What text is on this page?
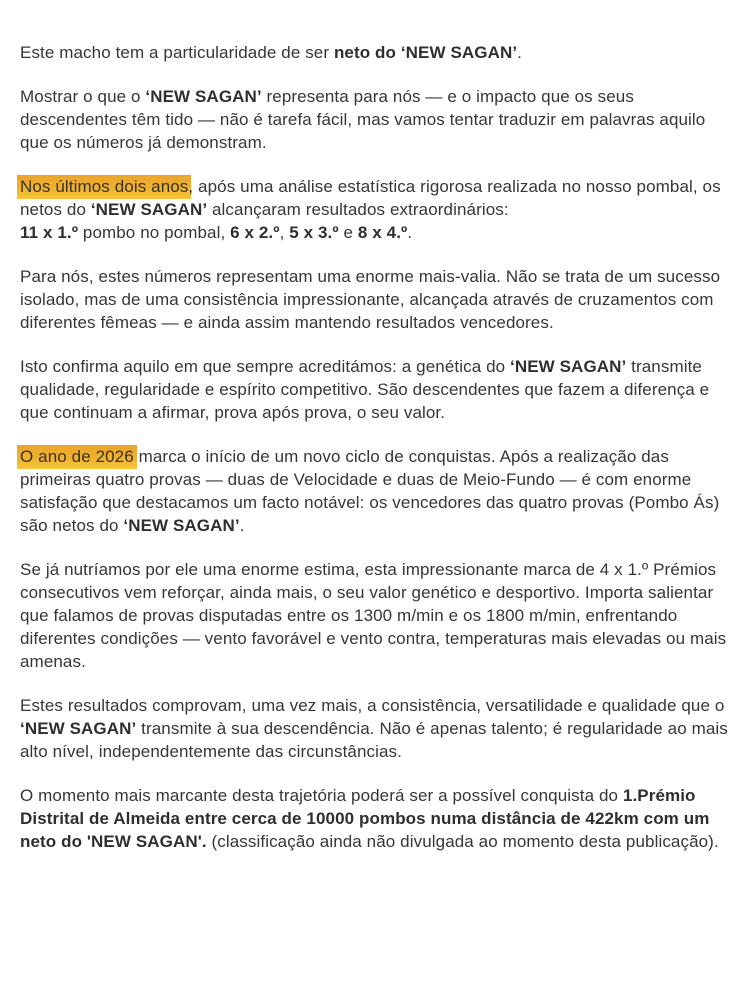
Este macho tem a particularidade de ser neto do ‘NEW SAGAN’.

Mostrar o que o ‘NEW SAGAN’ representa para nós — e o impacto que os seus descendentes têm tido — não é tarefa fácil, mas vamos tentar traduzir em palavras aquilo que os números já demonstram.

Nos últimos dois anos, após uma análise estatística rigorosa realizada no nosso pombal, os netos do ‘NEW SAGAN’ alcançaram resultados extraordinários:
11 x 1.º pombo no pombal, 6 x 2.º, 5 x 3.º e 8 x 4.º.

Para nós, estes números representam uma enorme mais-valia. Não se trata de um sucesso isolado, mas de uma consistência impressionante, alcançada através de cruzamentos com diferentes fêmeas — e ainda assim mantendo resultados vencedores.

Isto confirma aquilo em que sempre acreditámos: a genética do ‘NEW SAGAN’ transmite qualidade, regularidade e espírito competitivo. São descendentes que fazem a diferença e que continuam a afirmar, prova após prova, o seu valor.

O ano de 2026 marca o início de um novo ciclo de conquistas. Após a realização das primeiras quatro provas — duas de Velocidade e duas de Meio-Fundo — é com enorme satisfação que destacamos um facto notável: os vencedores das quatro provas (Pombo Ás) são netos do ‘NEW SAGAN’.

Se já nutríamos por ele uma enorme estima, esta impressionante marca de 4 x 1.º Prémios consecutivos vem reforçar, ainda mais, o seu valor genético e desportivo. Importa salientar que falamos de provas disputadas entre os 1300 m/min e os 1800 m/min, enfrentando diferentes condições — vento favorável e vento contra, temperaturas mais elevadas ou mais amenas.

Estes resultados comprovam, uma vez mais, a consistência, versatilidade e qualidade que o ‘NEW SAGAN’ transmite à sua descendência. Não é apenas talento; é regularidade ao mais alto nível, independentemente das circunstâncias.

O momento mais marcante desta trajetória poderá ser a possível conquista do 1.Prémio Distrital de Almeida entre cerca de 10000 pombos numa distância de 422km com um neto do 'NEW SAGAN'. (classificação ainda não divulgada ao momento desta publicação).
